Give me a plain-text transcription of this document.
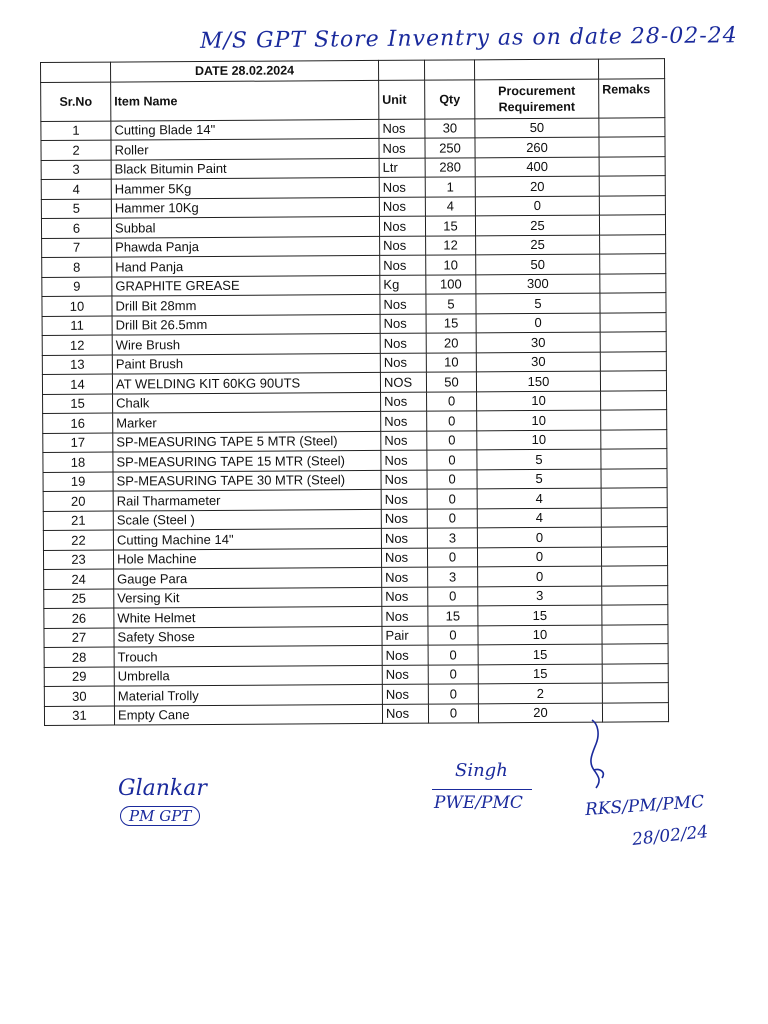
M/S GPT Store Inventry as on date 28-02-24
	DATE 28.02.2024				
Sr.No	Item Name	Unit	Qty	Procurement Requirement	Remaks
1	Cutting Blade 14"	Nos	30	50	
2	Roller	Nos	250	260	
3	Black Bitumin Paint	Ltr	280	400	
4	Hammer 5Kg	Nos	1	20	
5	Hammer 10Kg	Nos	4	0	
6	Subbal	Nos	15	25	
7	Phawda Panja	Nos	12	25	
8	Hand Panja	Nos	10	50	
9	GRAPHITE GREASE	Kg	100	300	
10	Drill Bit 28mm	Nos	5	5	
11	Drill Bit 26.5mm	Nos	15	0	
12	Wire Brush	Nos	20	30	
13	Paint Brush	Nos	10	30	
14	AT WELDING KIT 60KG 90UTS	NOS	50	150	
15	Chalk	Nos	0	10	
16	Marker	Nos	0	10	
17	SP-MEASURING TAPE 5 MTR (Steel)	Nos	0	10	
18	SP-MEASURING TAPE 15 MTR (Steel)	Nos	0	5	
19	SP-MEASURING TAPE 30 MTR (Steel)	Nos	0	5	
20	Rail Tharmameter	Nos	0	4	
21	Scale (Steel )	Nos	0	4	
22	Cutting Machine 14"	Nos	3	0	
23	Hole Machine	Nos	0	0	
24	Gauge Para	Nos	3	0	
25	Versing Kit	Nos	0	3	
26	White Helmet	Nos	15	15	
27	Safety Shose	Pair	0	10	
28	Trouch	Nos	0	15	
29	Umbrella	Nos	0	15	
30	Material Trolly	Nos	0	2	
31	Empty Cane	Nos	0	20	
Glankar
PM GPT
Singh
PWE/PMC	RKS/PM/PMC
28/02/24
